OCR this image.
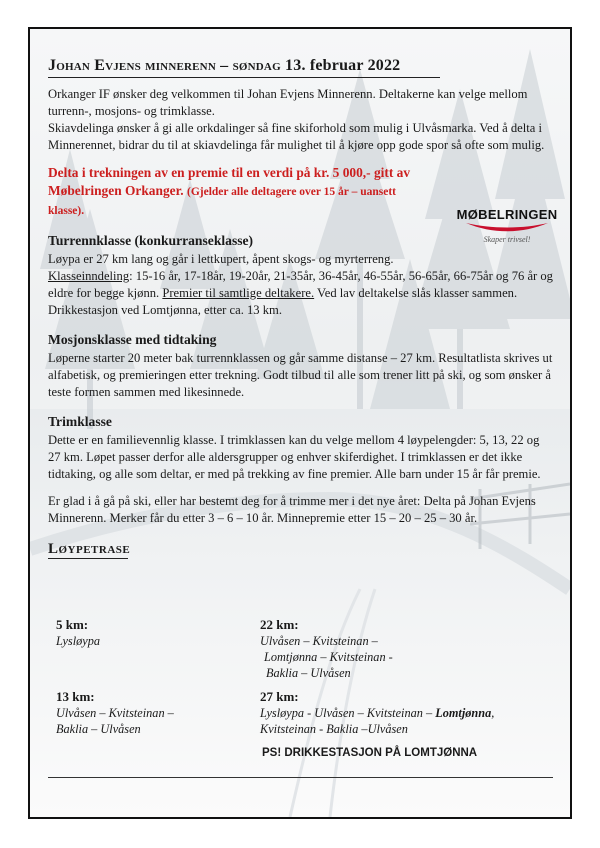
Johan Evjens minnerenn – søndag 13. februar 2022

Orkanger IF ønsker deg velkommen til Johan Evjens Minnerenn. Deltakerne kan velge mellom turrenn-, mosjons- og trimklasse.

Skiavdelinga ønsker å gi alle orkdalinger så fine skiforhold som mulig i Ulvåsmarka. Ved å delta i Minnerennet, bidrar du til at skiavdelinga får mulighet til å kjøre opp gode spor så ofte som mulig.

Delta i trekningen av en premie til en verdi på kr. 5 000,- gitt av Møbelringen Orkanger. (Gjelder alle deltagere over 15 år – uansett klasse).

Turrennklasse (konkurranseklasse)

Løypa er 27 km lang og går i lettkupert, åpent skogs- og myrterreng.
Klasseinndeling: 15-16 år, 17-18år, 19-20år, 21-35år, 36-45år, 46-55år, 56-65år, 66-75år og 76 år og eldre for begge kjønn. Premier til samtlige deltakere. Ved lav deltakelse slås klasser sammen. Drikkestasjon ved Lomtjønna, etter ca. 13 km.

Mosjonsklasse med tidtaking

Løperne starter 20 meter bak turrennklassen og går samme distanse – 27 km. Resultatlista skrives ut alfabetisk, og premieringen etter trekning. Godt tilbud til alle som trener litt på ski, og som ønsker å teste formen sammen med likesinnede.

Trimklasse

Dette er en familievennlig klasse. I trimklassen kan du velge mellom 4 løypelengder: 5, 13, 22 og 27 km. Løpet passer derfor alle aldersgrupper og enhver skiferdighet. I trimklassen er det ikke tidtaking, og alle som deltar, er med på trekking av fine premier. Alle barn under 15 år får premie.

Er glad i å gå på ski, eller har bestemt deg for å trimme mer i det nye året: Delta på Johan Evjens Minnerenn. Merker får du etter 3 – 6 – 10 år. Minnepremie etter 15 – 20 – 25 – 30 år.

Løypetrase
MØBELRINGEN
Skaper trivsel!
5 km:
Lysløypa
22 km:
Ulvåsen – Kvitsteinan –
Lomtjønna – Kvitsteinan -
Baklia – Ulvåsen
13 km:
Ulvåsen – Kvitsteinan –
Baklia – Ulvåsen
27 km:
Lysløypa - Ulvåsen – Kvitsteinan – Lomtjønna,
Kvitsteinan - Baklia –Ulvåsen
PS! DRIKKESTASJON PÅ LOMTJØNNA
